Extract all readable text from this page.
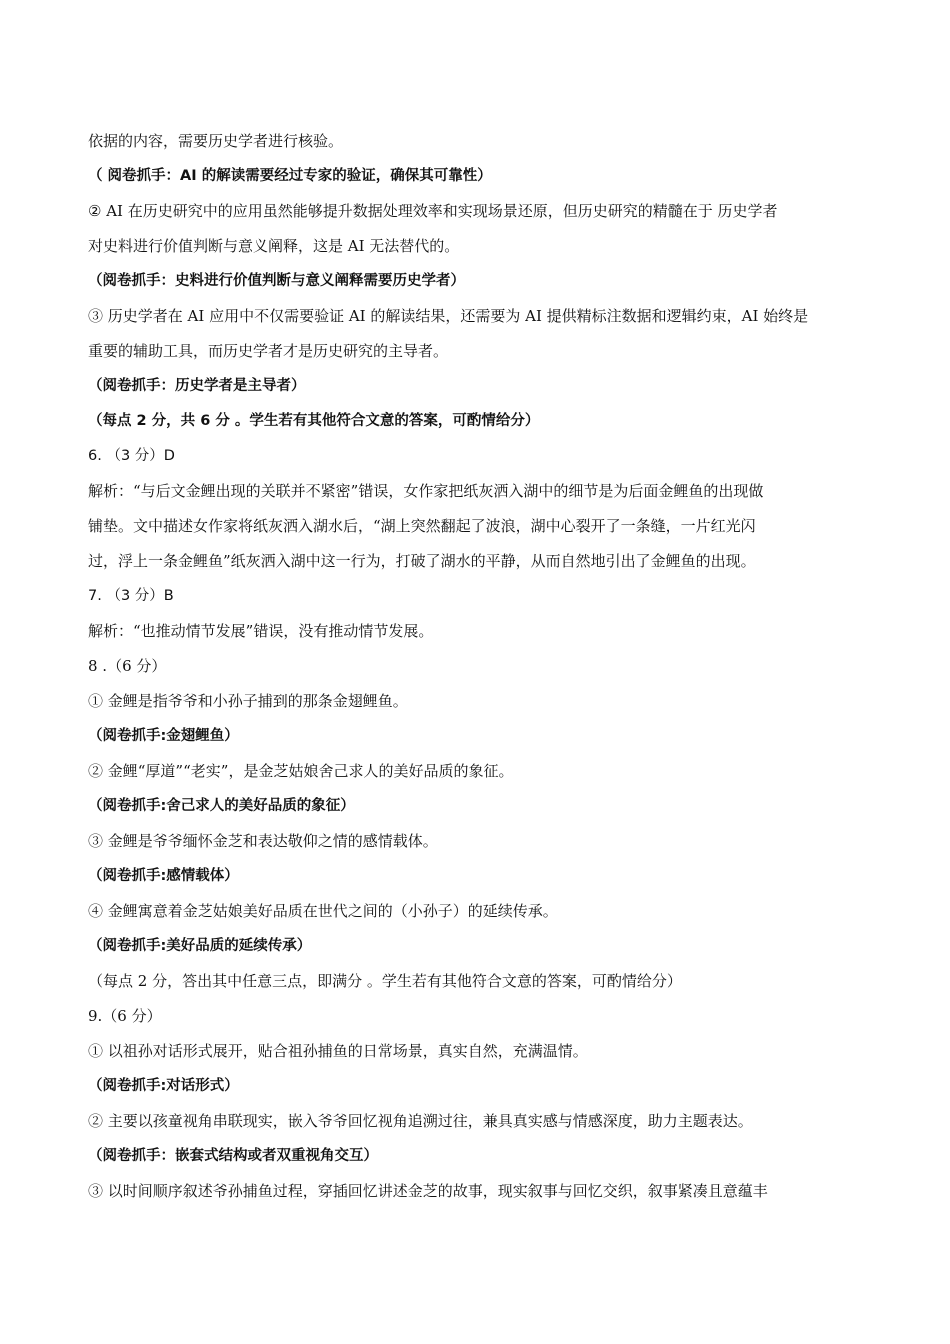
依据的内容，需要历史学者进行核验。
（ 阅卷抓手：AI 的解读需要经过专家的验证，确保其可靠性）
② AI 在历史研究中的应用虽然能够提升数据处理效率和实现场景还原，但历史研究的精髓在于 历史学者
对史料进行价值判断与意义阐释，这是 AI 无法替代的。
（阅卷抓手：史料进行价值判断与意义阐释需要历史学者）
③ 历史学者在 AI 应用中不仅需要验证 AI 的解读结果，还需要为 AI 提供精标注数据和逻辑约束，AI 始终是
重要的辅助工具，而历史学者才是历史研究的主导者。
（阅卷抓手：历史学者是主导者）
（每点 2 分，共 6 分 。学生若有其他符合文意的答案，可酌情给分）
6. （3 分）D
解析：“与后文金鲤出现的关联并不紧密”错误，女作家把纸灰洒入湖中的细节是为后面金鲤鱼的出现做
铺垫。文中描述女作家将纸灰洒入湖水后，“湖上突然翻起了波浪，湖中心裂开了一条缝，一片红光闪
过，浮上一条金鲤鱼”纸灰洒入湖中这一行为，打破了湖水的平静，从而自然地引出了金鲤鱼的出现。
7. （3 分）B
解析：“也推动情节发展”错误，没有推动情节发展。
8 .（6 分）
① 金鲤是指爷爷和小孙子捕到的那条金翅鲤鱼。
（阅卷抓手:金翅鲤鱼）
② 金鲤“厚道”“老实”，是金芝姑娘舍己求人的美好品质的象征。
（阅卷抓手:舍己求人的美好品质的象征）
③ 金鲤是爷爷缅怀金芝和表达敬仰之情的感情载体。
（阅卷抓手:感情载体）
④ 金鲤寓意着金芝姑娘美好品质在世代之间的（小孙子）的延续传承。
（阅卷抓手:美好品质的延续传承）
（每点 2 分，答出其中任意三点，即满分 。学生若有其他符合文意的答案，可酌情给分）
9.（6 分）
① 以祖孙对话形式展开，贴合祖孙捕鱼的日常场景，真实自然，充满温情。
（阅卷抓手:对话形式）
② 主要以孩童视角串联现实，嵌入爷爷回忆视角追溯过往，兼具真实感与情感深度，助力主题表达。
（阅卷抓手：嵌套式结构或者双重视角交互）
③ 以时间顺序叙述爷孙捕鱼过程，穿插回忆讲述金芝的故事，现实叙事与回忆交织，叙事紧凑且意蕴丰
